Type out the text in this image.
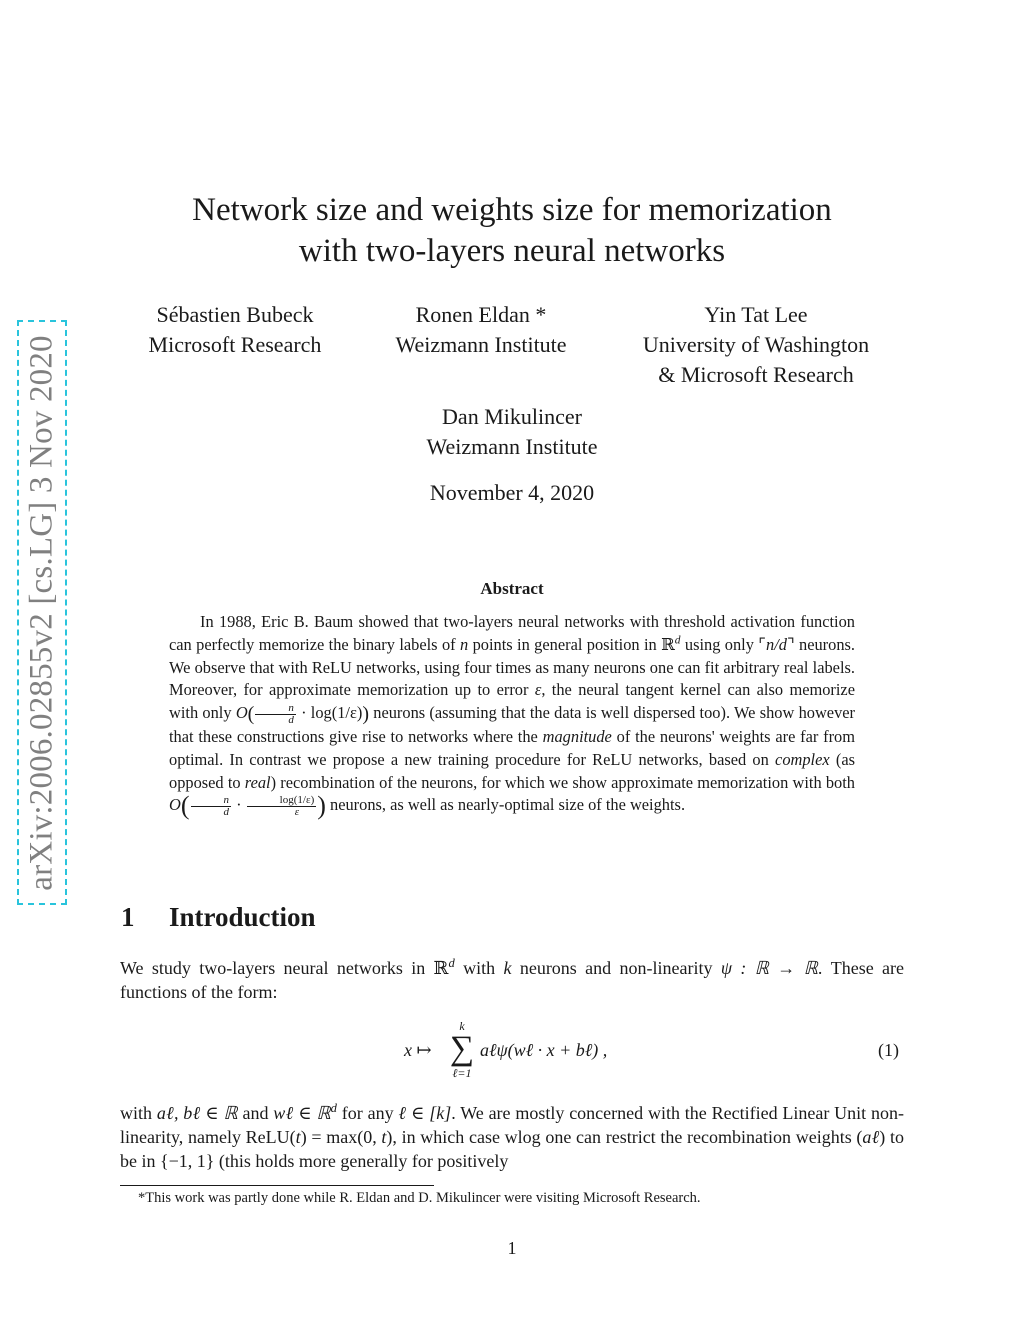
arXiv:2006.02855v2 [cs.LG] 3 Nov 2020
Network size and weights size for memorization
with two-layers neural networks
Sébastien Bubeck
Microsoft Research
Ronen Eldan *
Weizmann Institute
Yin Tat Lee
University of Washington
& Microsoft Research
Dan Mikulincer
Weizmann Institute
November 4, 2020
Abstract

In 1988, Eric B. Baum showed that two-layers neural networks with threshold activation function can perfectly memorize the binary labels of n points in general position in ℝ$^d$ using only ⌜n/d⌝ neurons. We observe that with ReLU networks, using four times as many neurons one can fit arbitrary real labels. Moreover, for approximate memorization up to error ε, the neural tangent kernel can also memorize with only $O( \frac{n}{d} \cdot \log(1/\varepsilon))$ neurons (assuming that the data is well dispersed too). We show however that these constructions give rise to networks where the magnitude of the neurons' weights are far from optimal. In contrast we propose a new training procedure for ReLU networks, based on complex (as opposed to real) recombination of the neurons, for which we show approximate memorization with both $O( \frac{n}{d} \cdot \frac{\log(1/\varepsilon)}{\varepsilon}$ ) neurons, as well as nearly-optimal size of the weights.

1 Introduction
We study two-layers neural networks in ℝ$^d$ with k neurons and non-linearity ψ : ℝ → ℝ. These are functions of the form:
x ↦
k
∑
ℓ=1
aℓψ(wℓ · x + bℓ) ,	(1)
with aℓ, bℓ ∈ ℝ and wℓ ∈ ℝ$^d$ for any ℓ ∈ [k]. We are mostly concerned with the Rectified Linear Unit non-linearity, namely ReLU(t) = max(0, t), in which case wlog one can restrict the recombination weights (aℓ) to be in {−1, 1} (this holds more generally for positively
*This work was partly done while R. Eldan and D. Mikulincer were visiting Microsoft Research.
1
